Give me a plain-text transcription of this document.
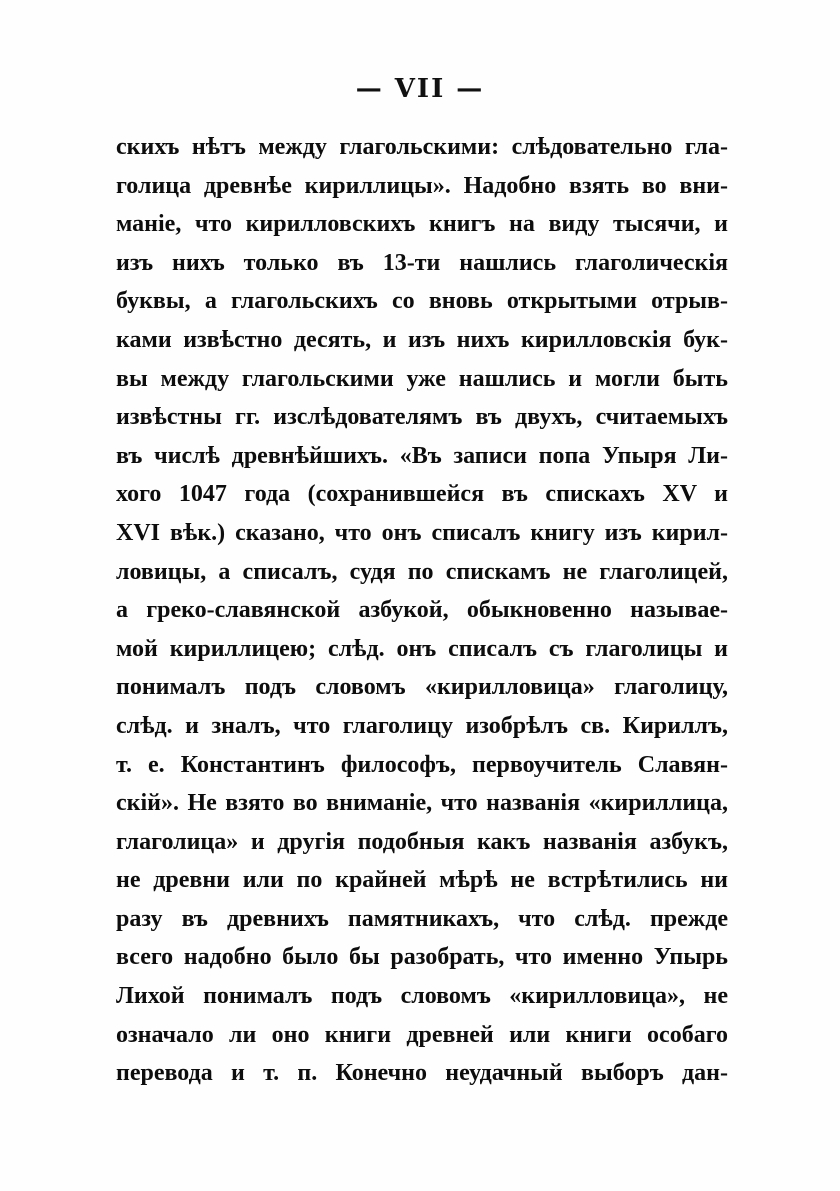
— VII —
скихъ нѣтъ между глагольскими: слѣдовательно гла-
голица древнѣе кириллицы». Надобно взять во вни-
маніе, что кирилловскихъ книгъ на виду тысячи, и
изъ нихъ только въ 13-ти нашлись глаголическія
буквы, а глагольскихъ со вновь открытыми отрыв-
ками извѣстно десять, и изъ нихъ кирилловскія бук-
вы между глагольскими уже нашлись и могли быть
извѣстны гг. изслѣдователямъ въ двухъ, считаемыхъ
въ числѣ древнѣйшихъ. «Въ записи попа Упыря Ли-
хого 1047 года (сохранившейся въ спискахъ XV и
XVI вѣк.) сказано, что онъ списалъ книгу изъ кирил-
ловицы, а списалъ, судя по спискамъ не глаголицей,
а греко-славянской азбукой, обыкновенно называе-
мой кириллицею; слѣд. онъ списалъ съ глаголицы и
понималъ подъ словомъ «кирилловица» глаголицу,
слѣд. и зналъ, что глаголицу изобрѣлъ св. Кириллъ,
т. е. Константинъ философъ, первоучитель Славян-
скій». Не взято во вниманіе, что названія «кириллица,
глаголица» и другія подобныя какъ названія азбукъ,
не древни или по крайней мѣрѣ не встрѣтились ни
разу въ древнихъ памятникахъ, что слѣд. прежде
всего надобно было бы разобрать, что именно Упырь
Лихой понималъ подъ словомъ «кирилловица», не
означало ли оно книги древней или книги особаго
перевода и т. п. Конечно неудачный выборъ дан-
